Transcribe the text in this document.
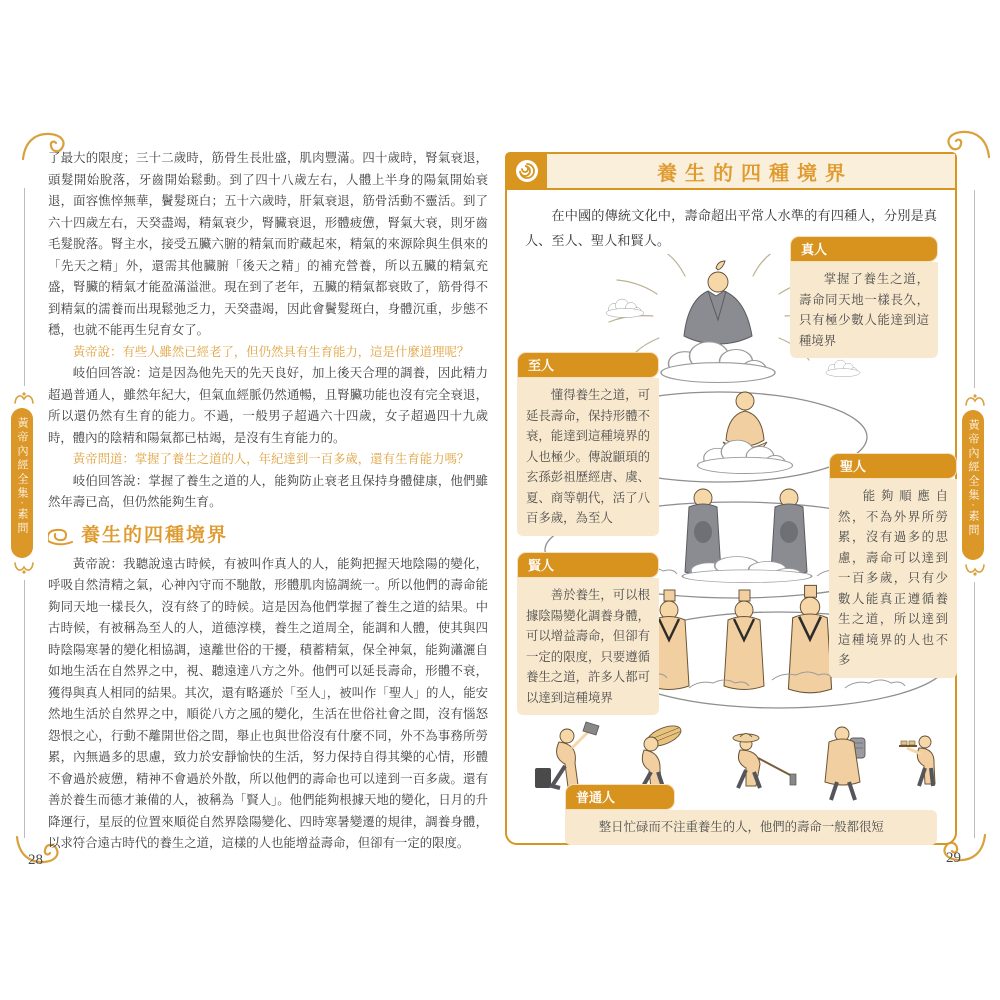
黃帝內經全集·素問	黃帝內經全集·素問

了最大的限度；三十二歲時，筋骨生長壯盛，肌肉豐滿。四十歲時，腎氣衰退，頭髮開始脫落，牙齒開始鬆動。到了四十八歲左右，人體上半身的陽氣開始衰退，面容憔悴無華，鬢髮斑白；五十六歲時，肝氣衰退，筋骨活動不靈活。到了六十四歲左右，天癸盡竭，精氣衰少，腎臟衰退，形體疲憊，腎氣大衰，則牙齒毛髮脫落。腎主水，接受五臟六腑的精氣而貯藏起來，精氣的來源除與生俱來的「先天之精」外，還需其他臟腑「後天之精」的補充營養，所以五臟的精氣充盛，腎臟的精氣才能盈滿溢泄。現在到了老年，五臟的精氣都衰敗了，筋骨得不到精氣的濡養而出現鬆弛乏力，天癸盡竭，因此會鬢髮斑白，身體沉重，步態不穩，也就不能再生兒育女了。

黃帝說：有些人雖然已經老了，但仍然具有生育能力，這是什麼道理呢？

岐伯回答說：這是因為他先天的先天良好，加上後天合理的調養，因此精力超過普通人，雖然年紀大，但氣血經脈仍然通暢，且腎臟功能也沒有完全衰退，所以還仍然有生育的能力。不過，一般男子超過六十四歲，女子超過四十九歲時，體內的陰精和陽氣都已枯竭，是沒有生育能力的。

黃帝問道：掌握了養生之道的人，年紀達到一百多歲，還有生育能力嗎？

岐伯回答說：掌握了養生之道的人，能夠防止衰老且保持身體健康，他們雖然年壽已高，但仍然能夠生育。

養生的四種境界

黃帝說：我聽說遠古時候，有被叫作真人的人，能夠把握天地陰陽的變化，呼吸自然清精之氣，心神內守而不馳散，形體肌肉協調統一。所以他們的壽命能夠同天地一樣長久，沒有終了的時候。這是因為他們掌握了養生之道的結果。中古時候，有被稱為至人的人，道德淳樸，養生之道周全，能調和人體，使其與四時陰陽寒暑的變化相協調，遠離世俗的干擾，積蓄精氣，保全神氣，能夠瀟灑自如地生活在自然界之中，視、聽遠達八方之外。他們可以延長壽命，形體不衰，獲得與真人相同的結果。其次，還有略遜於「至人」，被叫作「聖人」的人，能安然地生活於自然界之中，順從八方之風的變化，生活在世俗社會之間，沒有惱怒怨恨之心，行動不離開世俗之間，舉止也與世俗沒有什麼不同，外不為事務所勞累，內無過多的思慮，致力於安靜愉快的生活，努力保持自得其樂的心情，形體不會過於疲憊，精神不會過於外散，所以他們的壽命也可以達到一百多歲。還有善於養生而德才兼備的人，被稱為「賢人」。他們能夠根據天地的變化，日月的升降運行，星辰的位置來順從自然界陰陽變化、四時寒暑變遷的規律，調養身體，以求符合遠古時代的養生之道，這樣的人也能增益壽命，但卻有一定的限度。

28
養生的四種境界

在中國的傳統文化中，壽命超出平常人水準的有四種人，分別是真人、至人、聖人和賢人。

真人
掌握了養生之道，壽命同天地一樣長久，只有極少數人能達到這種境界
至人
懂得養生之道，可延長壽命，保持形體不衰，能達到這種境界的人也極少。傳說顓頊的玄孫彭祖歷經唐、虞、夏、商等朝代，活了八百多歲，為至人
聖人
能夠順應自然，不為外界所勞累，沒有過多的思慮，壽命可以達到一百多歲，只有少數人能真正遵循養生之道，所以達到這種境界的人也不多
賢人
善於養生，可以根據陰陽變化調養身體，可以增益壽命，但卻有一定的限度，只要遵循養生之道，許多人都可以達到這種境界
普通人
整日忙碌而不注重養生的人，他們的壽命一般都很短
29
